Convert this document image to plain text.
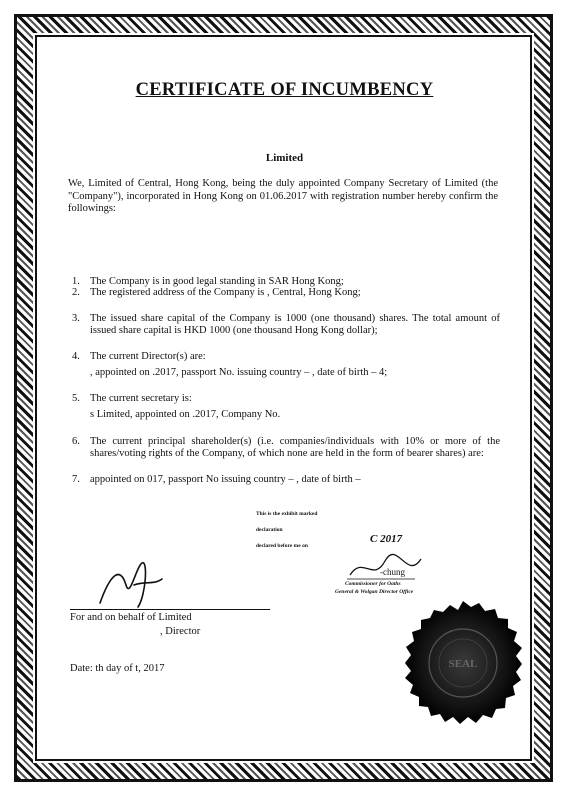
CERTIFICATE OF INCUMBENCY
Limited
We, Limited of Central, Hong Kong, being the duly appointed Company Secretary of Limited (the "Company"), incorporated in Hong Kong on 01.06.2017 with registration number hereby confirm the followings:
1. The Company is in good legal standing in SAR Hong Kong;
2. The registered address of the Company is , Central, Hong Kong;
3. The issued share capital of the Company is 1000 (one thousand) shares. The total amount of issued share capital is HKD 1000 (one thousand Hong Kong dollar);
4. The current Director(s) are:
, appointed on .2017, passport No. issuing country – , date of birth – 4;
5. The current secretary is:
s Limited, appointed on .2017, Company No.
6. The current principal shareholder(s) (i.e. companies/individuals with 10% or more of the shares/voting rights of the Company, of which none are held in the form of bearer shares) are:
7. appointed on 017, passport No issuing country – , date of birth –
This is the exhibit marked
declaration
declared before me on
C 2017
-chung
Commissioner for Oaths
General & Wolgan Director Office
For and on behalf of Limited
, Director
Date: th day of t, 2017	SEAL
